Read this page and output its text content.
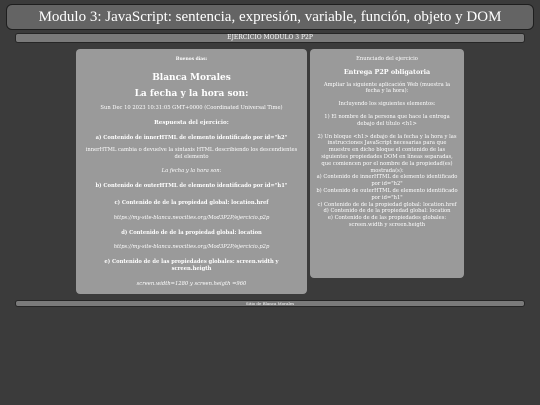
Modulo 3: JavaScript: sentencia, expresión, variable, función, objeto y DOM
EJERCICIO MODULO 3 P2P
Buenos días:
Blanca Morales
La fecha y la hora son:
Sun Dec 10 2023 10:31:05 GMT+0000 (Coordinated Universal Time)
Respuesta del ejercicio:
a) Contenido de innerHTML de elemento identificado por id="h2"
innerHTML cambia o devuelve la sintaxis HTML describiendo los descendientes del elemento
La fecha y la hora son:
b) Contenido de outerHTML de elemento identificado por id="h1"
c) Contenido de de la propiedad global: location.href
https://my-site-blanca.neocities.org/Mod3P2P/ejercicio.p2p
d) Contenido de de la propiedad global: location
https://my-site-blanca.neocities.org/Mod3P2P/ejercicio.p2p
e) Contenido de de las propiedades globales: screen.width y screen.heigth
screen.width=1280 y screen.heigth =960
Enunciado del ejercicio
Entrega P2P obligatoria
Ampliar la siguiente aplicación Web (muestra la fecha y la hora):
Incluyendo los siguientes elementos:
1) El nombre de la persona que hace la entrega debajo del título <h1>
2) Un bloque <h1> debajo de la fecha y la hora y las instrucciones JavaScript necesarias para que muestre en dicho bloque el contenido de las siguientes propiedades DOM en líneas separadas, que comiencen por el nombre de la propiedad(es) mostrada(s):
a) Contenido de innerHTML de elemento identificado por id="h2"
b) Contenido de outerHTML de elemento identificado por id="h1"
c) Contenido de de la propiedad global: location.href
d) Contenido de de la propiedad global: location
e) Contenido de de las propiedades globales: screen.width y screen.heigth
Sitio de Blanca Morales
